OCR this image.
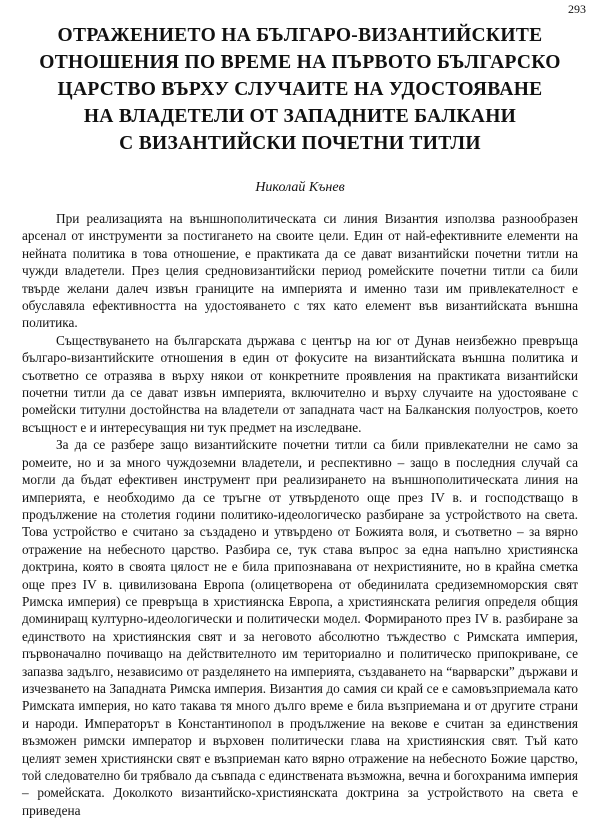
293
ОТРАЖЕНИЕТО НА БЪЛГАРО-ВИЗАНТИЙСКИТЕ
ОТНОШЕНИЯ ПО ВРЕМЕ НА ПЪРВОТО БЪЛГАРСКО
ЦАРСТВО ВЪРХУ СЛУЧАИТЕ НА УДОСТОЯВАНЕ
НА ВЛАДЕТЕЛИ ОТ ЗАПАДНИТЕ БАЛКАНИ
С ВИЗАНТИЙСКИ ПОЧЕТНИ ТИТЛИ
Николай Кънев

При реализацията на външнополитическата си линия Византия използва разнообразен арсенал от инструменти за постигането на своите цели. Един от най-ефективните елементи на нейната политика в това отношение, е практиката да се дават византийски почетни титли на чужди владетели. През целия средновизантийски период ромейските почетни титли са били твърде желани далеч извън границите на империята и именно тази им привлекателност е обуславяла ефективността на удостояването с тях като елемент във византийската външна политика.

Съществуването на българската държава с център на юг от Дунав неизбежно превръща българо-византийските отношения в един от фокусите на византийската външна политика и съответно се отразява в върху някои от конкретните проявления на практиката византийски почетни титли да се дават извън империята, включително и върху случаите на удостояване с ромейски титулни достойнства на владетели от западната част на Балканския полуостров, което всъщност е и интересуващия ни тук предмет на изследване.

За да се разбере защо византийските почетни титли са били привлекателни не само за ромеите, но и за много чуждоземни владетели, и респективно – защо в последния случай са могли да бъдат ефективен инструмент при реализирането на външнополитическата линия на империята, е необходимо да се тръгне от утвърденото още през IV в. и господстващо в продължение на столетия години политико-идеологическо разбиране за устройството на света. Това устройство е считано за създадено и утвърдено от Божията воля, и съответно – за вярно отражение на небесното царство. Разбира се, тук става въпрос за една напълно християнска доктрина, която в своята цялост не е била припознавана от нехристияните, но в крайна сметка още през IV в. цивилизована Европа (олицетворена от обединилата средиземноморския свят Римска империя) се превръща в християнска Европа, а християнската религия определя общия доминиращ културно-идеологически и политически модел. Формираното през IV в. разбиране за единството на християнския свят и за неговото абсолютно тъждество с Римската империя, първоначално почиващо на действителното им териториално и политическо припокриване, се запазва задълго, независимо от разделянето на империята, създаването на “варварски” държави и изчезването на Западната Римска империя. Византия до самия си край се е самовъзприемала като Римската империя, но като такава тя много дълго време е била възприемана и от другите страни и народи. Императорът в Константинопол в продължение на векове е считан за единствения възможен римски император и върховен политически глава на християнския свят. Тъй като целият земен християнски свят е възприеман като вярно отражение на небесното Божие царство, той следователно би трябвало да съвпада с единствената възможна, вечна и богохранима империя – ромейската. Доколкото византийско-християнската доктрина за устройството на света е приведена
